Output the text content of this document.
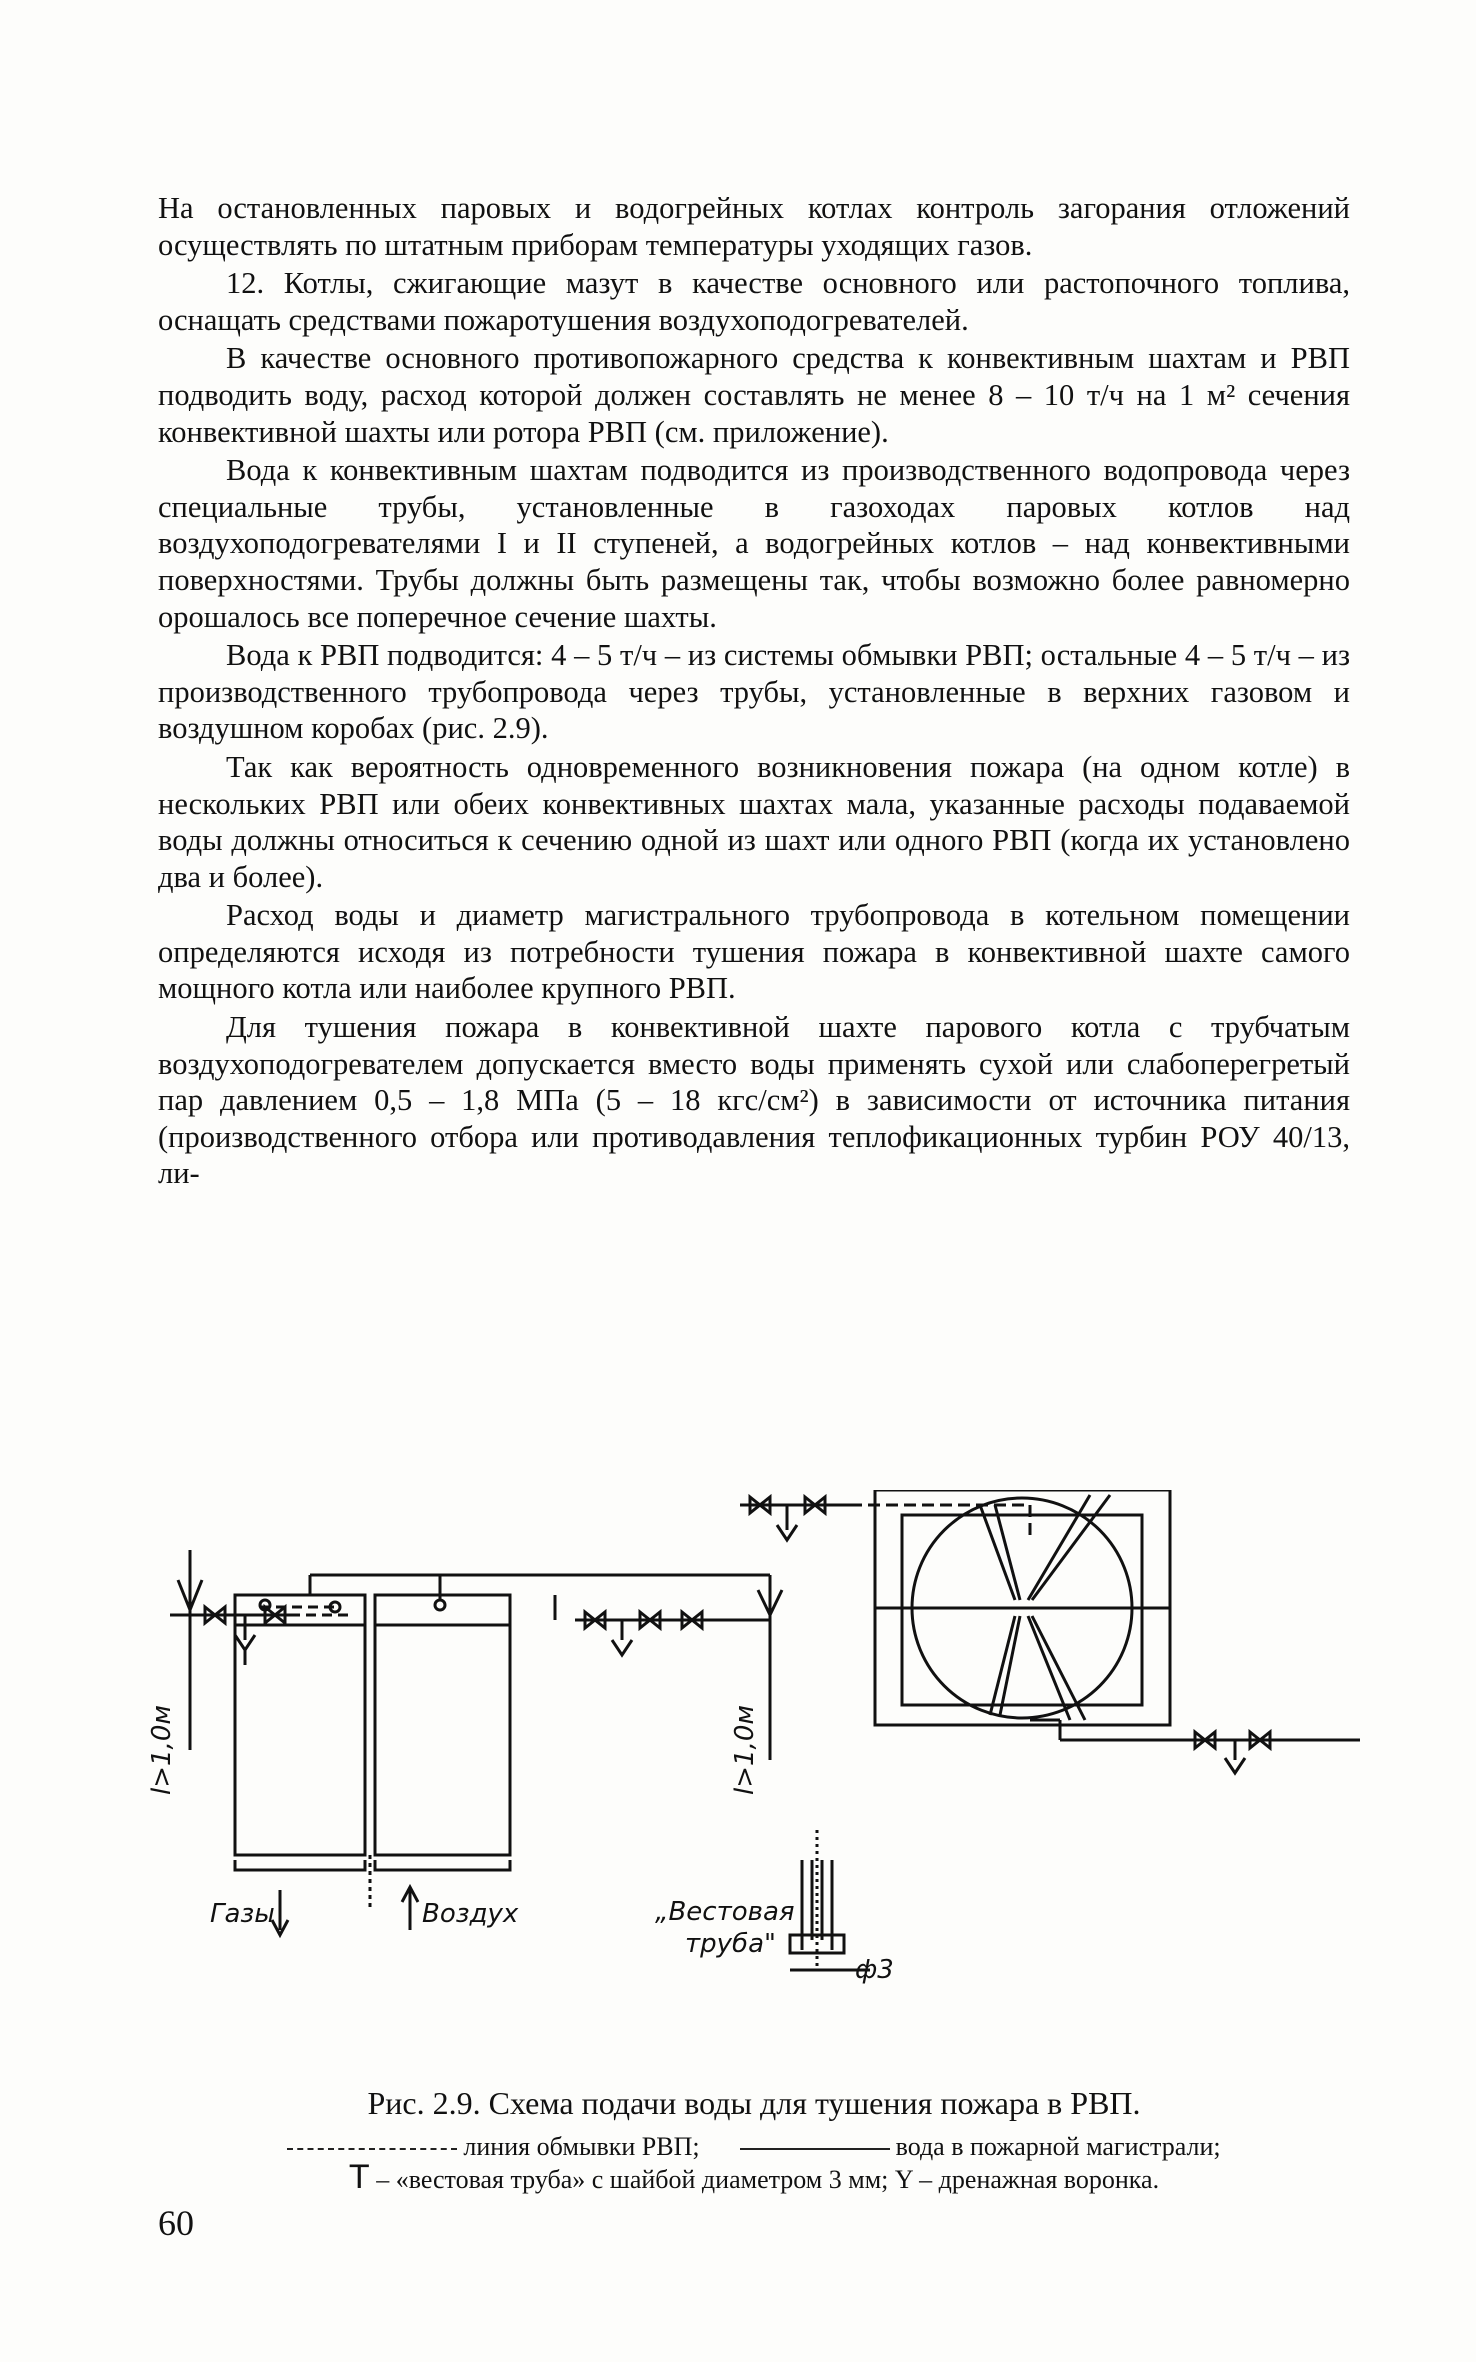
На остановленных паровых и водогрейных котлах контроль загорания отложений осуществлять по штатным приборам температуры уходящих газов.

12. Котлы, сжигающие мазут в качестве основного или растопочного топлива, оснащать средствами пожаротушения воздухоподогревателей.

В качестве основного противопожарного средства к конвективным шахтам и РВП подводить воду, расход которой должен составлять не менее 8 – 10 т/ч на 1 м² сечения конвективной шахты или ротора РВП (см. приложение).

Вода к конвективным шахтам подводится из производственного водопровода через специальные трубы, установленные в газоходах паровых котлов над воздухоподогревателями I и II ступеней, а водогрейных котлов – над конвективными поверхностями. Трубы должны быть размещены так, чтобы возможно более равномерно орошалось все поперечное сечение шахты.

Вода к РВП подводится: 4 – 5 т/ч – из системы обмывки РВП; остальные 4 – 5 т/ч – из производственного трубопровода через трубы, установленные в верхних газовом и воздушном коробах (рис. 2.9).

Так как вероятность одновременного возникновения пожара (на одном котле) в нескольких РВП или обеих конвективных шахтах мала, указанные расходы подаваемой воды должны относиться к сечению одной из шахт или одного РВП (когда их установлено два и более).

Расход воды и диаметр магистрального трубопровода в котельном помещении определяются исходя из потребности тушения пожара в конвективной шахте самого мощного котла или наиболее крупного РВП.

Для тушения пожара в конвективной шахте парового котла с трубчатым воздухоподогревателем допускается вместо воды применять сухой или слабоперегретый пар давлением 0,5 – 1,8 МПа (5 – 18 кгс/см²) в зависимости от источника питания (производственного отбора или противодавления теплофикационных турбин РОУ 40/13, ли-

Газы	Воздух
l>1,0м	l>1,0м
„Вестовая
труба"
ф3
Рис. 2.9. Схема подачи воды для тушения пожара в РВП.
линия обмывки РВП;	вода в пожарной магистрали;
Т – «вестовая труба» с шайбой диаметром 3 мм; Y – дренажная воронка.
60
